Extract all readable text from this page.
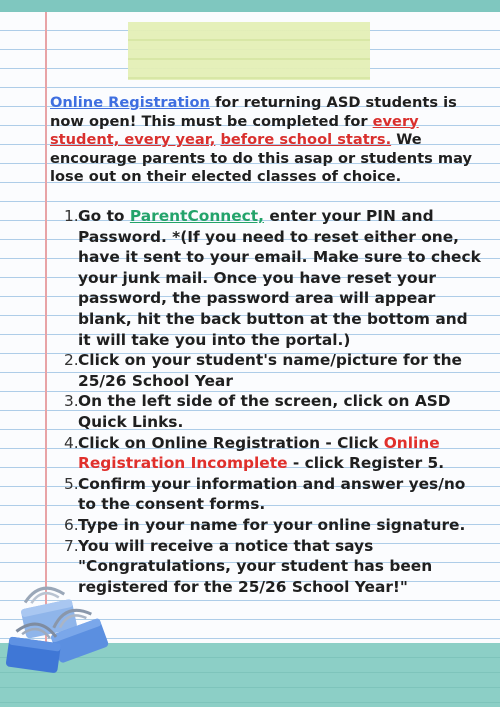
Online Registration for returning ASD students is now open! This must be completed for every student, every year, before school statrs. We encourage parents to do this asap or students may lose out on their elected classes of choice.

1. Go to ParentConnect, enter your PIN and Password. *(If you need to reset either one, have it sent to your email. Make sure to check your junk mail. Once you have reset your password, the password area will appear blank, hit the back button at the bottom and it will take you into the portal.)
2. Click on your student's name/picture for the 25/26 School Year
3. On the left side of the screen, click on ASD Quick Links.
4. Click on Online Registration - Click Online Registration Incomplete - click Register 5.
5. Confirm your information and answer yes/no to the consent forms.
6. Type in your name for your online signature.
7. You will receive a notice that says "Congratulations, your student has been registered for the 25/26 School Year!"
